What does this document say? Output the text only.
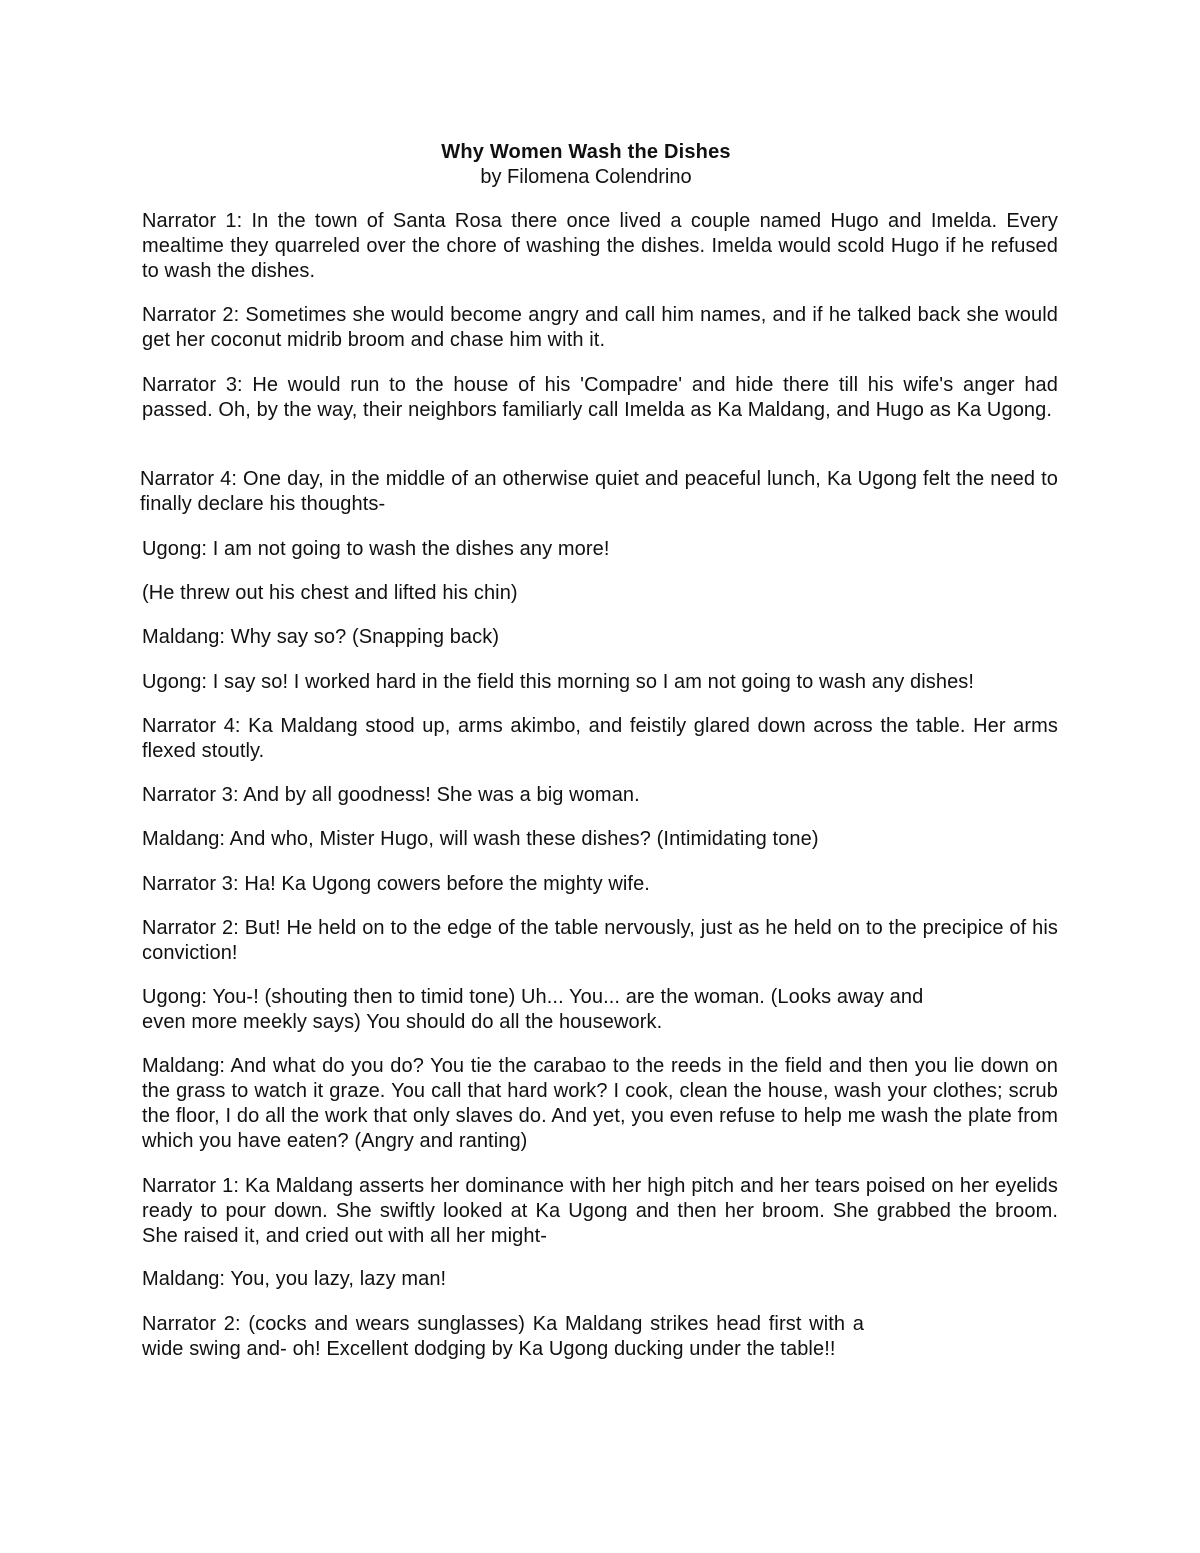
Why Women Wash the Dishes
by Filomena Colendrino

Narrator 1: In the town of Santa Rosa there once lived a couple named Hugo and Imelda. Every mealtime they quarreled over the chore of washing the dishes. Imelda would scold Hugo if he refused to wash the dishes.

Narrator 2: Sometimes she would become angry and call him names, and if he talked back she would get her coconut midrib broom and chase him with it.

Narrator 3: He would run to the house of his 'Compadre' and hide there till his wife's anger had passed. Oh, by the way, their neighbors familiarly call Imelda as Ka Maldang, and Hugo as Ka Ugong.

Narrator 4: One day, in the middle of an otherwise quiet and peaceful lunch, Ka Ugong felt the need to finally declare his thoughts-

Ugong: I am not going to wash the dishes any more!

(He threw out his chest and lifted his chin)

Maldang: Why say so? (Snapping back)

Ugong: I say so! I worked hard in the field this morning so I am not going to wash any dishes!

Narrator 4: Ka Maldang stood up, arms akimbo, and feistily glared down across the table. Her arms flexed stoutly.

Narrator 3: And by all goodness! She was a big woman.

Maldang: And who, Mister Hugo, will wash these dishes? (Intimidating tone)

Narrator 3: Ha! Ka Ugong cowers before the mighty wife.

Narrator 2: But! He held on to the edge of the table nervously, just as he held on to the precipice of his conviction!

Ugong: You-! (shouting then to timid tone) Uh... You... are the woman. (Looks away and even more meekly says) You should do all the housework.

Maldang: And what do you do? You tie the carabao to the reeds in the field and then you lie down on the grass to watch it graze. You call that hard work? I cook, clean the house, wash your clothes; scrub the floor, I do all the work that only slaves do. And yet, you even refuse to help me wash the plate from which you have eaten? (Angry and ranting)

Narrator 1: Ka Maldang asserts her dominance with her high pitch and her tears poised on her eyelids ready to pour down. She swiftly looked at Ka Ugong and then her broom. She grabbed the broom. She raised it, and cried out with all her might-

Maldang: You, you lazy, lazy man!

Narrator 2: (cocks and wears sunglasses) Ka Maldang strikes head first with a wide swing and- oh! Excellent dodging by Ka Ugong ducking under the table!!
